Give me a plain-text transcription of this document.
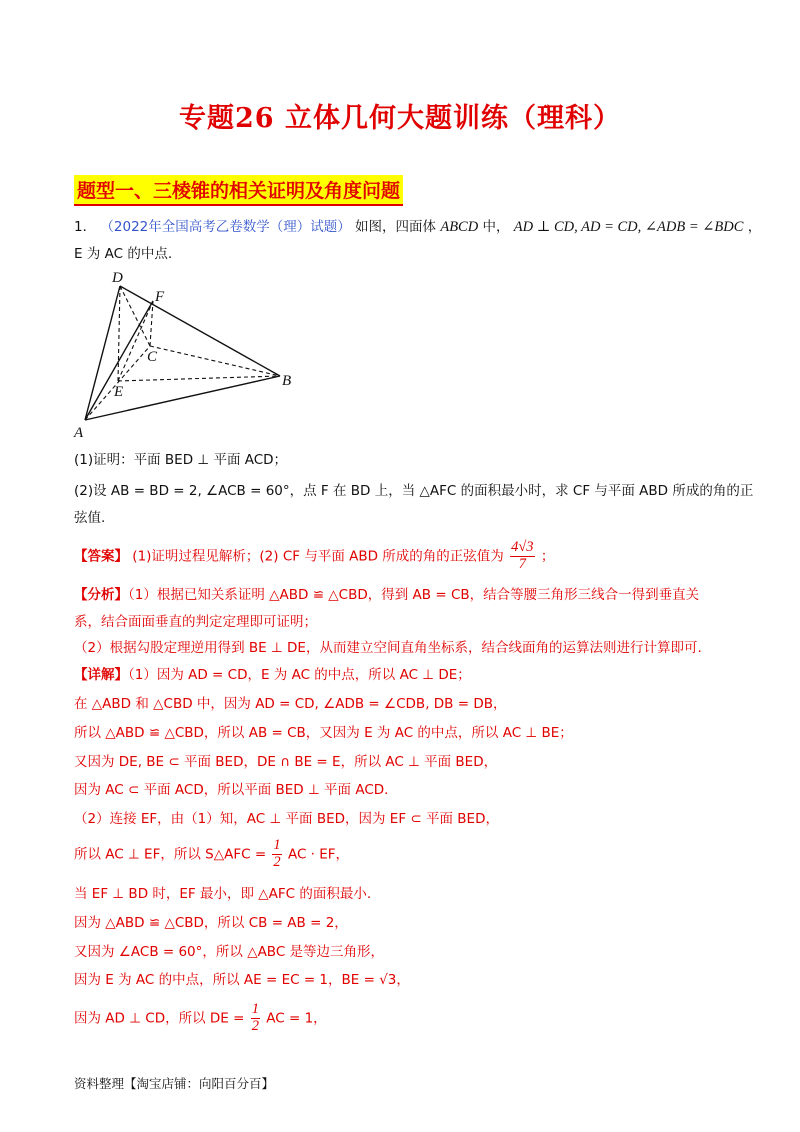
专题26 立体几何大题训练（理科）
题型一、三棱锥的相关证明及角度问题
1． （2022年全国高考乙卷数学（理）试题） 如图，四面体 ABCD 中， AD ⊥ CD, AD = CD, ∠ADB = ∠BDC ，
E 为 AC 的中点.
D
F
C
B
E
A
(1)证明：平面 BED ⊥ 平面 ACD；
(2)设 AB = BD = 2, ∠ACB = 60°，点 F 在 BD 上，当 △AFC 的面积最小时，求 CF 与平面 ABD 所成的角的正
弦值.
【答案】 (1)证明过程见解析；(2) CF 与平面 ABD 所成的角的正弦值为 $\frac{4√3}{7}$ ；
【分析】（1）根据已知关系证明 △ABD ≌ △CBD，得到 AB = CB，结合等腰三角形三线合一得到垂直关
系，结合面面垂直的判定定理即可证明；
（2）根据勾股定理逆用得到 BE ⊥ DE，从而建立空间直角坐标系，结合线面角的运算法则进行计算即可.
【详解】（1）因为 AD = CD，E 为 AC 的中点，所以 AC ⊥ DE；
在 △ABD 和 △CBD 中，因为 AD = CD, ∠ADB = ∠CDB, DB = DB，
所以 △ABD ≌ △CBD，所以 AB = CB，又因为 E 为 AC 的中点，所以 AC ⊥ BE；
又因为 DE, BE ⊂ 平面 BED，DE ∩ BE = E，所以 AC ⊥ 平面 BED，
因为 AC ⊂ 平面 ACD，所以平面 BED ⊥ 平面 ACD.
（2）连接 EF，由（1）知，AC ⊥ 平面 BED，因为 EF ⊂ 平面 BED，
所以 AC ⊥ EF，所以 S△AFC = $\frac{1}{2}$ AC · EF，
当 EF ⊥ BD 时，EF 最小，即 △AFC 的面积最小.
因为 △ABD ≌ △CBD，所以 CB = AB = 2，
又因为 ∠ACB = 60°，所以 △ABC 是等边三角形，
因为 E 为 AC 的中点，所以 AE = EC = 1，BE = √3，
因为 AD ⊥ CD，所以 DE = $\frac{1}{2}$ AC = 1，
资料整理【淘宝店铺：向阳百分百】
